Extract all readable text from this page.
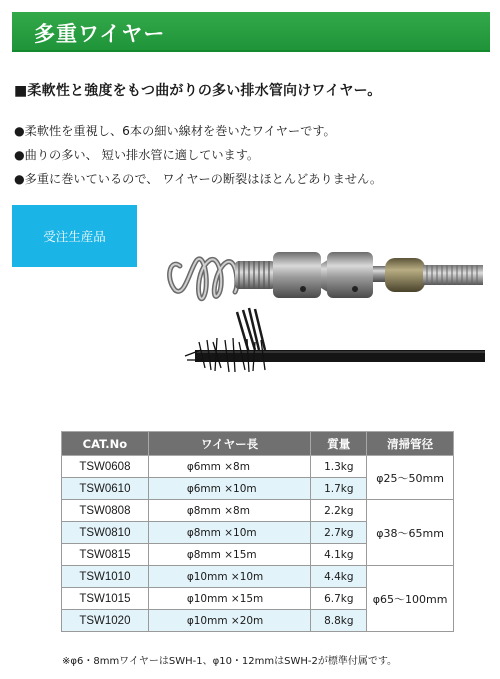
多重ワイヤー
■柔軟性と強度をもつ曲がりの多い排水管向けワイヤー。
●柔軟性を重視し、6本の細い線材を巻いたワイヤーです。
●曲りの多い、 短い排水管に適しています。
●多重に巻いているので、 ワイヤーの断裂はほとんどありません。
受注生産品
CAT.No	ワイヤー長	質量	清掃管径
TSW0608	φ6mm ×8m	1.3kg	φ25～50mm
TSW0610	φ6mm ×10m	1.7kg	
TSW0808	φ8mm ×8m	2.2kg	φ38～65mm
TSW0810	φ8mm ×10m	2.7kg	
TSW0815	φ8mm ×15m	4.1kg	
TSW1010	φ10mm ×10m	4.4kg	φ65～100mm
TSW1015	φ10mm ×15m	6.7kg	
TSW1020	φ10mm ×20m	8.8kg	
※φ6・8mmワイヤーはSWH-1、φ10・12mmはSWH-2が標準付属です。
